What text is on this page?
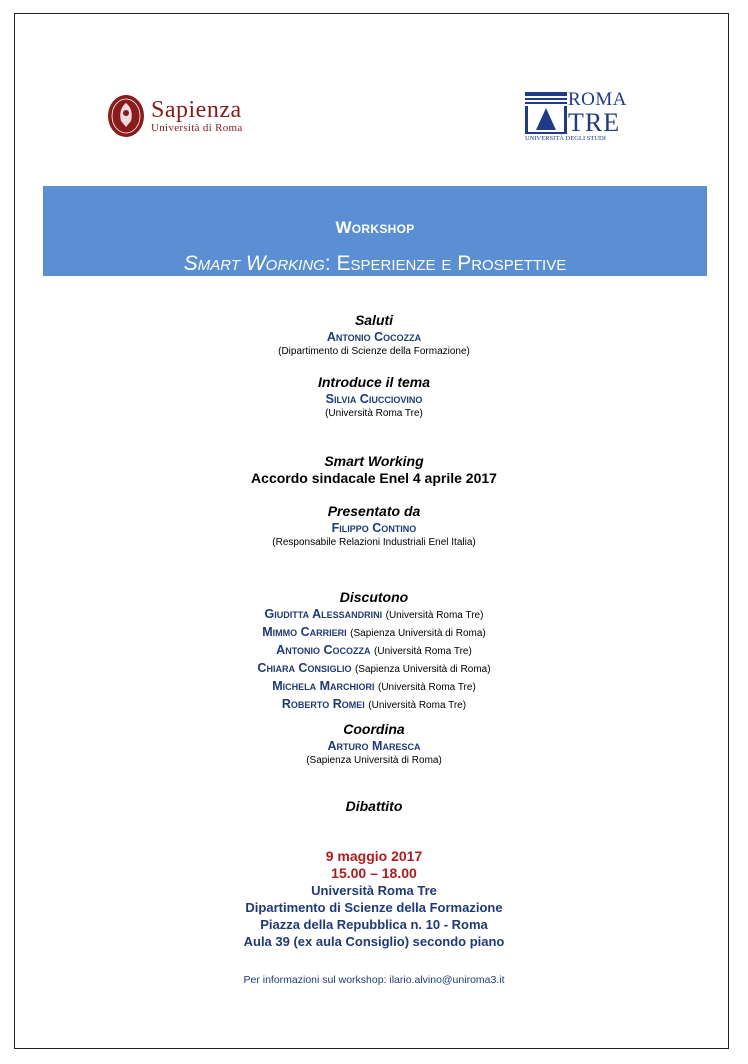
Sapienza
Università di Roma
ROMA
TRE
UNIVERSITÀ DEGLI STUDI
Workshop
Smart Working: Esperienze e Prospettive
Saluti
Antonio Cocozza
(Dipartimento di Scienze della Formazione)
Introduce il tema
Silvia Ciucciovino
(Università Roma Tre)
Smart Working
Accordo sindacale Enel 4 aprile 2017
Presentato da
Filippo Contino
(Responsabile Relazioni Industriali Enel Italia)
Discutono
Giuditta Alessandrini (Università Roma Tre)
Mimmo Carrieri (Sapienza Università di Roma)
Antonio Cocozza (Università Roma Tre)
Chiara Consiglio (Sapienza Università di Roma)
Michela Marchiori (Università Roma Tre)
Roberto Romei (Università Roma Tre)
Coordina
Arturo Maresca
(Sapienza Università di Roma)
Dibattito
9 maggio 2017
15.00 – 18.00
Università Roma Tre
Dipartimento di Scienze della Formazione
Piazza della Repubblica n. 10 - Roma
Aula 39 (ex aula Consiglio) secondo piano
Per informazioni sul workshop: ilario.alvino@uniroma3.it
